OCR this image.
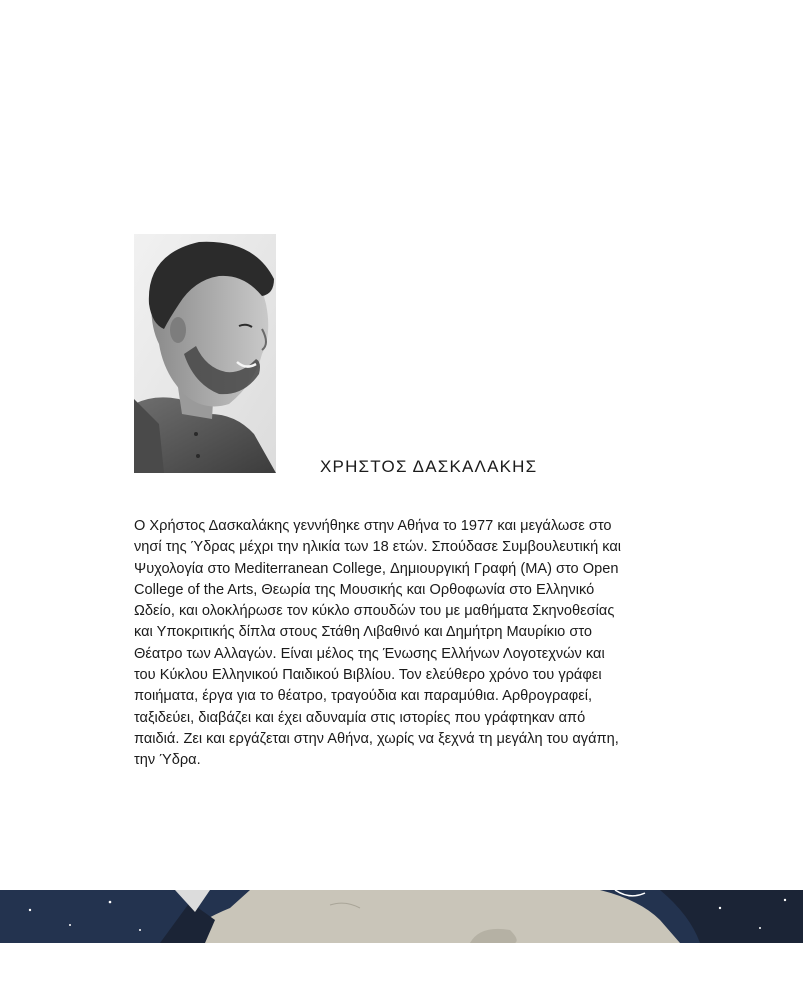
ΧΡΗΣΤΟΣ ΔΑΣΚΑΛΑΚΗΣ

Ο Χρήστος Δασκαλάκης γεννήθηκε στην Αθήνα το 1977 και μεγάλωσε στο
νησί της Ύδρας μέχρι την ηλικία των 18 ετών. Σπούδασε Συμβουλευτική και
Ψυχολογία στο Mediterranean College, Δημιουργική Γραφή (MA) στο Open
College of the Arts, Θεωρία της Μουσικής και Ορθοφωνία στο Ελληνικό
Ωδείο, και ολοκλήρωσε τον κύκλο σπουδών του με μαθήματα Σκηνοθεσίας
και Υποκριτικής δίπλα στους Στάθη Λιβαθινό και Δημήτρη Μαυρίκιο στο
Θέατρο των Αλλαγών. Είναι μέλος της Ένωσης Ελλήνων Λογοτεχνών και
του Κύκλου Ελληνικού Παιδικού Βιβλίου. Τον ελεύθερο χρόνο του γράφει
ποιήματα, έργα για το θέατρο, τραγούδια και παραμύθια. Αρθρογραφεί,
ταξιδεύει, διαβάζει και έχει αδυναμία στις ιστορίες που γράφτηκαν από
παιδιά. Ζει και εργάζεται στην Αθήνα, χωρίς να ξεχνά τη μεγάλη του αγάπη,
την Ύδρα.
